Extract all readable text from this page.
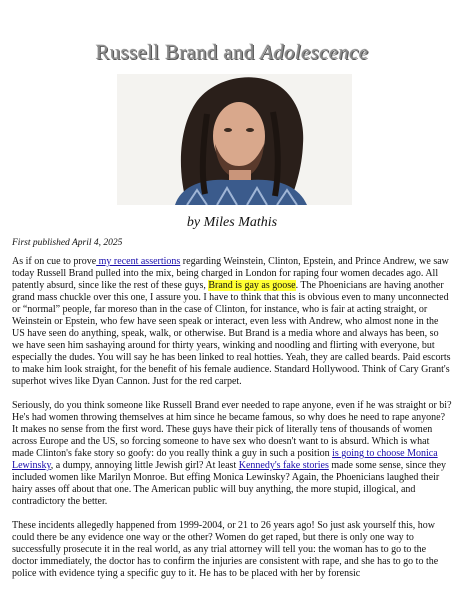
Russell Brand and Adolescence
by Miles Mathis
First published April 4, 2025

As if on cue to prove my recent assertions regarding Weinstein, Clinton, Epstein, and Prince Andrew, we saw today Russell Brand pulled into the mix, being charged in London for raping four women decades ago. All patently absurd, since like the rest of these guys, Brand is gay as goose. The Phoenicians are having another grand mass chuckle over this one, I assure you. I have to think that this is obvious even to many unconnected or “normal” people, far moreso than in the case of Clinton, for instance, who is fair at acting straight, or Weinstein or Epstein, who few have seen speak or interact, even less with Andrew, who almost none in the US have seen do anything, speak, walk, or otherwise. But Brand is a media whore and always has been, so we have seen him sashaying around for thirty years, winking and noodling and flirting with everyone, but especially the dudes. You will say he has been linked to real hotties. Yeah, they are called beards. Paid escorts to make him look straight, for the benefit of his female audience. Standard Hollywood. Think of Cary Grant's superhot wives like Dyan Cannon. Just for the red carpet.

Seriously, do you think someone like Russell Brand ever needed to rape anyone, even if he was straight or bi? He's had women throwing themselves at him since he became famous, so why does he need to rape anyone? It makes no sense from the first word. These guys have their pick of literally tens of thousands of women across Europe and the US, so forcing someone to have sex who doesn't want to is absurd. Which is what made Clinton's fake story so goofy: do you really think a guy in such a position is going to choose Monica Lewinsky, a dumpy, annoying little Jewish girl? At least Kennedy's fake stories made some sense, since they included women like Marilyn Monroe. But effing Monica Lewinsky? Again, the Phoenicians laughed their hairy asses off about that one. The American public will buy anything, the more stupid, illogical, and contradictory the better.

These incidents allegedly happened from 1999-2004, or 21 to 26 years ago! So just ask yourself this, how could there be any evidence one way or the other? Women do get raped, but there is only one way to successfully prosecute it in the real world, as any trial attorney will tell you: the woman has to go to the doctor immediately, the doctor has to confirm the injuries are consistent with rape, and she has to go to the police with evidence tying a specific guy to it. He has to be placed with her by forensic
